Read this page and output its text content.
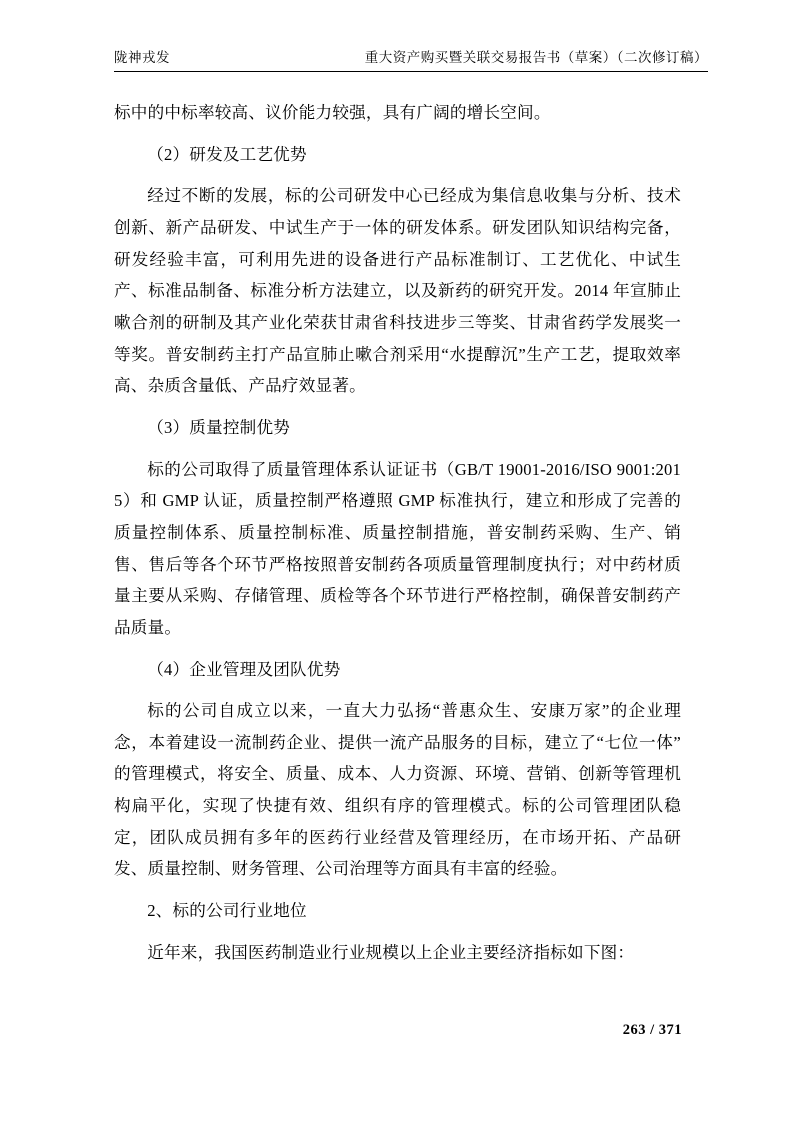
陇神戎发	重大资产购买暨关联交易报告书（草案）（二次修订稿）

标中的中标率较高、议价能力较强，具有广阔的增长空间。

（2）研发及工艺优势

经过不断的发展，标的公司研发中心已经成为集信息收集与分析、技术创新、新产品研发、中试生产于一体的研发体系。研发团队知识结构完备，研发经验丰富，可利用先进的设备进行产品标准制订、工艺优化、中试生产、标准品制备、标准分析方法建立，以及新药的研究开发。2014 年宣肺止嗽合剂的研制及其产业化荣获甘肃省科技进步三等奖、甘肃省药学发展奖一等奖。普安制药主打产品宣肺止嗽合剂采用“水提醇沉”生产工艺，提取效率高、杂质含量低、产品疗效显著。

（3）质量控制优势

标的公司取得了质量管理体系认证证书（GB/T 19001-2016/ISO 9001:2015）和 GMP 认证，质量控制严格遵照 GMP 标准执行，建立和形成了完善的质量控制体系、质量控制标准、质量控制措施，普安制药采购、生产、销售、售后等各个环节严格按照普安制药各项质量管理制度执行；对中药材质量主要从采购、存储管理、质检等各个环节进行严格控制，确保普安制药产品质量。

（4）企业管理及团队优势

标的公司自成立以来，一直大力弘扬“普惠众生、安康万家”的企业理念，本着建设一流制药企业、提供一流产品服务的目标，建立了“七位一体”的管理模式，将安全、质量、成本、人力资源、环境、营销、创新等管理机构扁平化，实现了快捷有效、组织有序的管理模式。标的公司管理团队稳定，团队成员拥有多年的医药行业经营及管理经历，在市场开拓、产品研发、质量控制、财务管理、公司治理等方面具有丰富的经验。

2、标的公司行业地位

近年来，我国医药制造业行业规模以上企业主要经济指标如下图：

263 / 371
